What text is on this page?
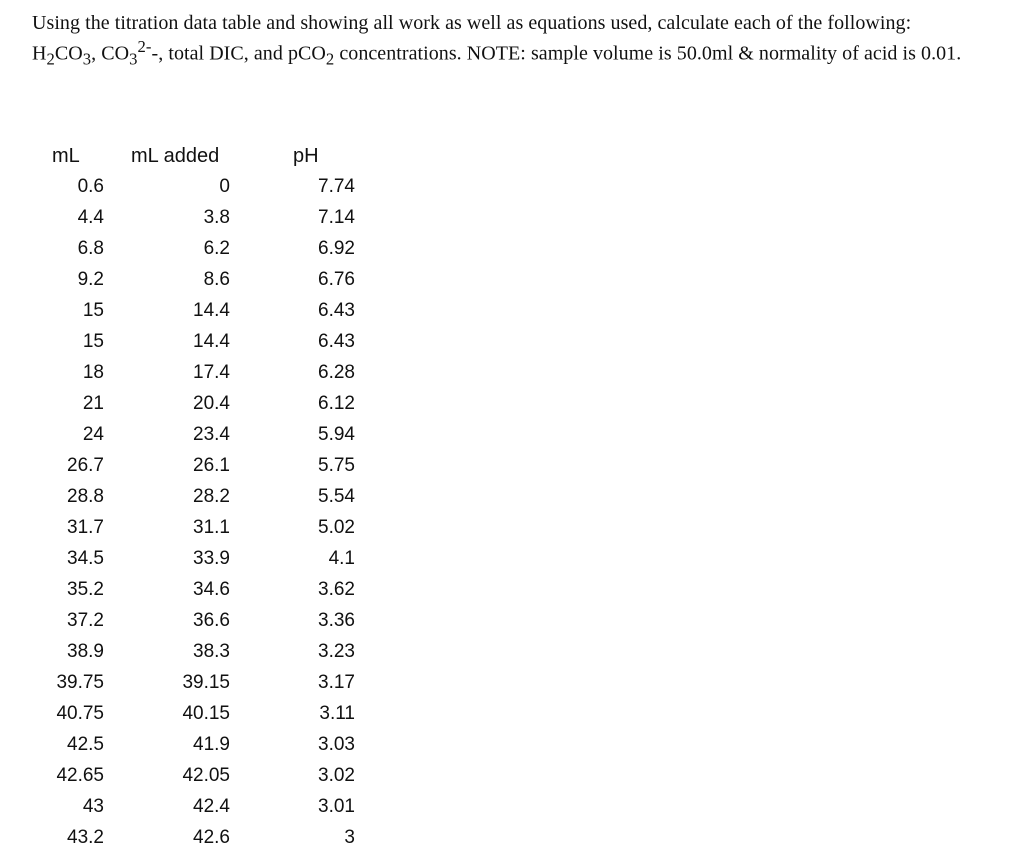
Using the titration data table and showing all work as well as equations used, calculate each of the following:
$H_2CO_3$, $CO_3^{2-}-$, total DIC, and pCO$_2$ concentrations. NOTE: sample volume is 50.0ml & normality of acid is 0.01.
mL	mL added	pH
0.6	0	7.74
4.4	3.8	7.14
6.8	6.2	6.92
9.2	8.6	6.76
15	14.4	6.43
15	14.4	6.43
18	17.4	6.28
21	20.4	6.12
24	23.4	5.94
26.7	26.1	5.75
28.8	28.2	5.54
31.7	31.1	5.02
34.5	33.9	4.1
35.2	34.6	3.62
37.2	36.6	3.36
38.9	38.3	3.23
39.75	39.15	3.17
40.75	40.15	3.11
42.5	41.9	3.03
42.65	42.05	3.02
43	42.4	3.01
43.2	42.6	3
